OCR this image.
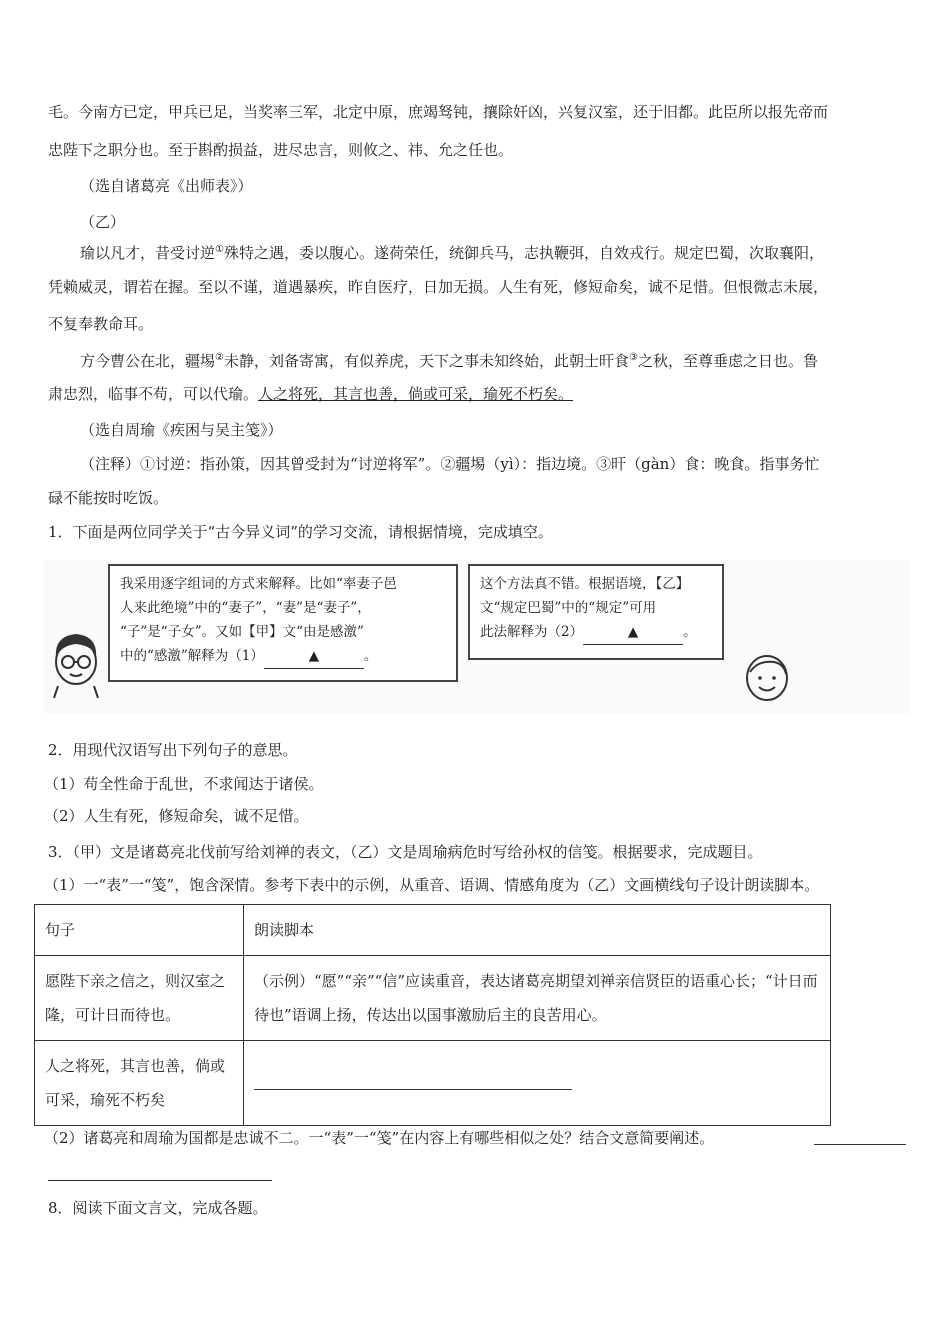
毛。今南方已定，甲兵已足，当奖率三军，北定中原，庶竭驽钝，攘除奸凶，兴复汉室，还于旧都。此臣所以报先帝而
忠陛下之职分也。至于斟酌损益，进尽忠言，则攸之、祎、允之任也。
（选自诸葛亮《出师表》）
（乙）
瑜以凡才，昔受讨逆①殊特之遇，委以腹心。遂荷荣任，统御兵马，志执鞭弭，自效戎行。规定巴蜀，次取襄阳，
凭赖威灵，谓若在握。至以不谨，道遇暴疾，昨自医疗，日加无损。人生有死，修短命矣，诚不足惜。但恨微志未展，
不复奉教命耳。
方今曹公在北，疆埸②未静，刘备寄寓，有似养虎，天下之事未知终始，此朝士旰食③之秋，至尊垂虑之日也。鲁
肃忠烈，临事不苟，可以代瑜。人之将死，其言也善，倘或可采，瑜死不朽矣。
（选自周瑜《疾困与吴主笺》）
（注释）①讨逆：指孙策，因其曾受封为“讨逆将军”。②疆埸（yì）：指边境。③旰（gàn）食：晚食。指事务忙
碌不能按时吃饭。
1．下面是两位同学关于“古今异义词”的学习交流，请根据情境，完成填空。
我采用逐字组词的方式来解释。比如“率妻子邑
人来此绝境”中的“妻子”，“妻”是“妻子”，
“子”是“子女”。又如【甲】文“由是感激”
中的“感激”解释为（1）	▲	。
这个方法真不错。根据语境，【乙】
文“规定巴蜀”中的“规定”可用
此法解释为（2）	▲	。
2．用现代汉语写出下列句子的意思。
（1）苟全性命于乱世，不求闻达于诸侯。
（2）人生有死，修短命矣，诚不足惜。
3．（甲）文是诸葛亮北伐前写给刘禅的表文，（乙）文是周瑜病危时写给孙权的信笺。根据要求，完成题目。
（1）一“表”一“笺”，饱含深情。参考下表中的示例，从重音、语调、情感角度为（乙）文画横线句子设计朗读脚本。
句子	朗读脚本
愿陛下亲之信之，则汉室之隆，可计日而待也。	（示例）“愿”“亲”“信”应读重音，表达诸葛亮期望刘禅亲信贤臣的语重心长；“计日而待也”语调上扬，传达出以国事激励后主的良苦用心。
人之将死，其言也善，倘或可采，瑜死不朽矣	
（2）诸葛亮和周瑜为国都是忠诚不二。一“表”一“笺”在内容上有哪些相似之处？结合文意简要阐述。
8．阅读下面文言文，完成各题。
